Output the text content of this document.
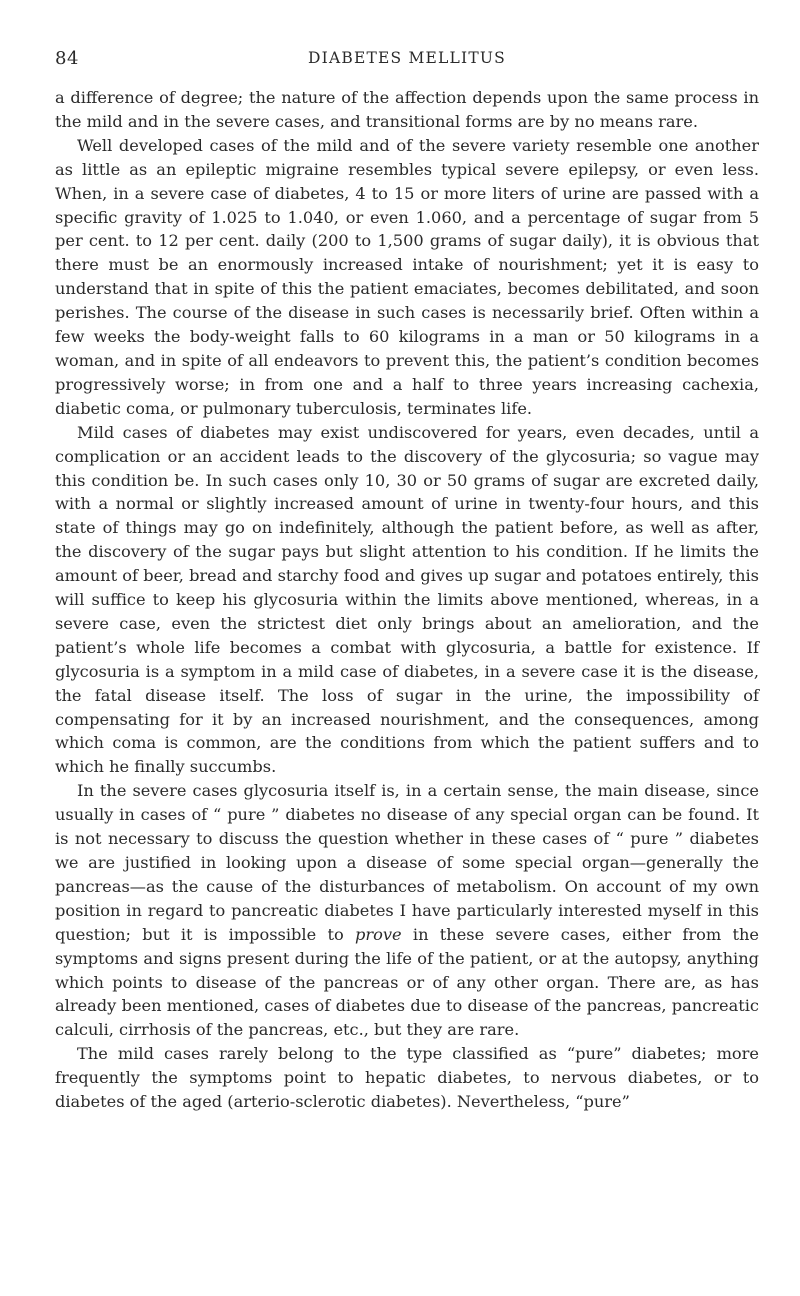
84	DIABETES MELLITUS

a difference of degree; the nature of the affection depends upon the same process in the mild and in the severe cases, and transitional forms are by no means rare.

Well developed cases of the mild and of the severe variety resemble one another as little as an epileptic migraine resembles typical severe epilepsy, or even less. When, in a severe case of diabetes, 4 to 15 or more liters of urine are passed with a specific gravity of 1.025 to 1.040, or even 1.060, and a percentage of sugar from 5 per cent. to 12 per cent. daily (200 to 1,500 grams of sugar daily), it is obvious that there must be an enormously increased intake of nourishment; yet it is easy to understand that in spite of this the patient emaciates, becomes debilitated, and soon perishes. The course of the disease in such cases is necessarily brief. Often within a few weeks the body-weight falls to 60 kilograms in a man or 50 kilograms in a woman, and in spite of all endeavors to prevent this, the patient’s condition becomes progressively worse; in from one and a half to three years increasing cachexia, diabetic coma, or pulmonary tuberculosis, terminates life.

Mild cases of diabetes may exist undiscovered for years, even decades, until a complication or an accident leads to the discovery of the glycosuria; so vague may this condition be. In such cases only 10, 30 or 50 grams of sugar are excreted daily, with a normal or slightly increased amount of urine in twenty-four hours, and this state of things may go on indefinitely, although the patient before, as well as after, the discovery of the sugar pays but slight attention to his condition. If he limits the amount of beer, bread and starchy food and gives up sugar and potatoes entirely, this will suffice to keep his glycosuria within the limits above mentioned, whereas, in a severe case, even the strictest diet only brings about an amelioration, and the patient’s whole life becomes a combat with glycosuria, a battle for existence. If glycosuria is a symptom in a mild case of diabetes, in a severe case it is the disease, the fatal disease itself. The loss of sugar in the urine, the impossibility of compensating for it by an increased nourishment, and the consequences, among which coma is common, are the conditions from which the patient suffers and to which he finally succumbs.

In the severe cases glycosuria itself is, in a certain sense, the main disease, since usually in cases of “ pure ” diabetes no disease of any special organ can be found. It is not necessary to discuss the question whether in these cases of “ pure ” diabetes we are justified in looking upon a disease of some special organ—generally the pancreas—as the cause of the disturbances of metabolism. On account of my own position in regard to pancreatic diabetes I have particularly interested myself in this question; but it is impossible to prove in these severe cases, either from the symptoms and signs present during the life of the patient, or at the autopsy, anything which points to disease of the pancreas or of any other organ. There are, as has already been mentioned, cases of diabetes due to disease of the pancreas, pancreatic calculi, cirrhosis of the pancreas, etc., but they are rare.

The mild cases rarely belong to the type classified as “pure” diabetes; more frequently the symptoms point to hepatic diabetes, to nervous diabetes, or to diabetes of the aged (arterio-sclerotic diabetes). Nevertheless, “pure”
